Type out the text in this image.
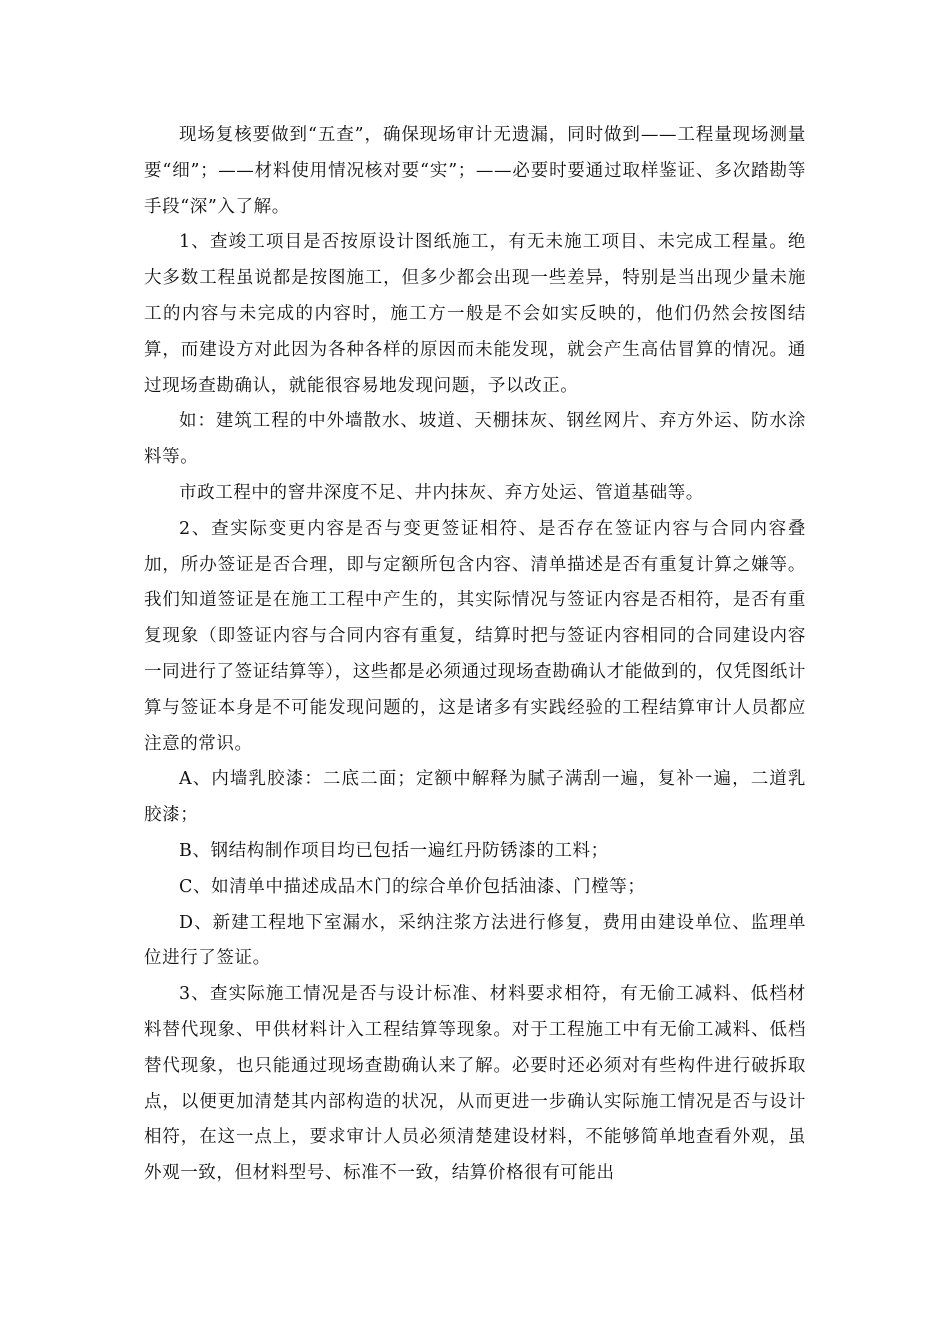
现场复核要做到“五查”，确保现场审计无遗漏，同时做到——工程量现场测量要“细”；——材料使用情况核对要“实”；——必要时要通过取样鉴证、多次踏勘等手段“深”入了解。

1、查竣工项目是否按原设计图纸施工，有无未施工项目、未完成工程量。绝大多数工程虽说都是按图施工，但多少都会出现一些差异，特别是当出现少量未施工的内容与未完成的内容时，施工方一般是不会如实反映的，他们仍然会按图结算，而建设方对此因为各种各样的原因而未能发现，就会产生高估冒算的情况。通过现场查勘确认，就能很容易地发现问题，予以改正。

如：建筑工程的中外墙散水、坡道、天棚抹灰、钢丝网片、弃方外运、防水涂料等。

市政工程中的窨井深度不足、井内抹灰、弃方处运、管道基础等。

2、查实际变更内容是否与变更签证相符、是否存在签证内容与合同内容叠加，所办签证是否合理，即与定额所包含内容、清单描述是否有重复计算之嫌等。我们知道签证是在施工工程中产生的，其实际情况与签证内容是否相符，是否有重复现象（即签证内容与合同内容有重复，结算时把与签证内容相同的合同建设内容一同进行了签证结算等），这些都是必须通过现场查勘确认才能做到的，仅凭图纸计算与签证本身是不可能发现问题的，这是诸多有实践经验的工程结算审计人员都应注意的常识。

A、内墙乳胶漆：二底二面；定额中解释为腻子满刮一遍，复补一遍，二道乳胶漆；

B、钢结构制作项目均已包括一遍红丹防锈漆的工料；

C、如清单中描述成品木门的综合单价包括油漆、门樘等；

D、新建工程地下室漏水，采纳注浆方法进行修复，费用由建设单位、监理单位进行了签证。

3、查实际施工情况是否与设计标准、材料要求相符，有无偷工减料、低档材料替代现象、甲供材料计入工程结算等现象。对于工程施工中有无偷工减料、低档替代现象，也只能通过现场查勘确认来了解。必要时还必须对有些构件进行破拆取点，以便更加清楚其内部构造的状况，从而更进一步确认实际施工情况是否与设计相符，在这一点上，要求审计人员必须清楚建设材料，不能够简单地查看外观，虽外观一致，但材料型号、标准不一致，结算价格很有可能出
